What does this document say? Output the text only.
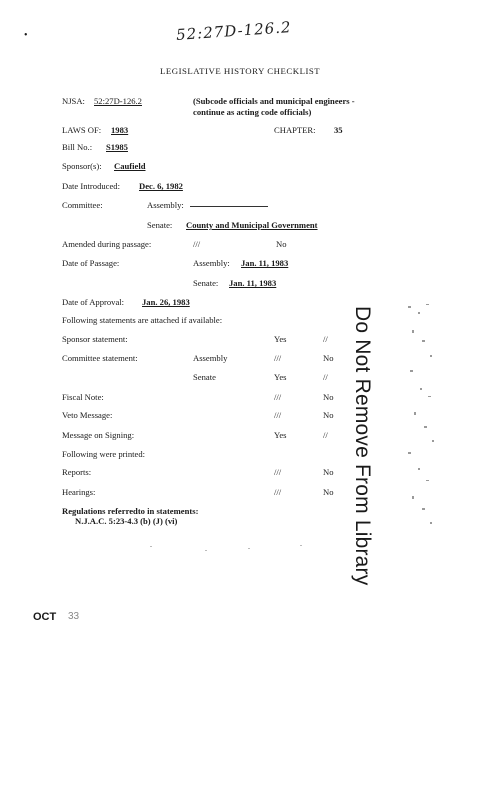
52:27D-126.2
•
LEGISLATIVE HISTORY CHECKLIST
NJSA: 52:27D-126.2	(Subcode officials and municipal engineers -
continue as acting code officials)
LAWS OF: 1983	CHAPTER: 35
Bill No.: S1985
Sponsor(s): Caufield
Date Introduced: Dec. 6, 1982
Committee:	Assembly:
Senate: County and Municipal Government
Amended during passage:	///	No
Date of Passage:	Assembly: Jan. 11, 1983
Senate: Jan. 11, 1983
Date of Approval: Jan. 26, 1983
Following statements are attached if available:
Sponsor statement:	Yes	//
Committee statement:	Assembly	///	No
Senate	Yes	//
Fiscal Note:	///	No
Veto Message:	///	No
Message on Signing:	Yes	//
Following were printed:
Reports:	///	No
Hearings:	///	No
Regulations referredto in statements:
N.J.A.C. 5:23-4.3 (b) (J) (vi)	Do Not Remove From Library
OCT 33
